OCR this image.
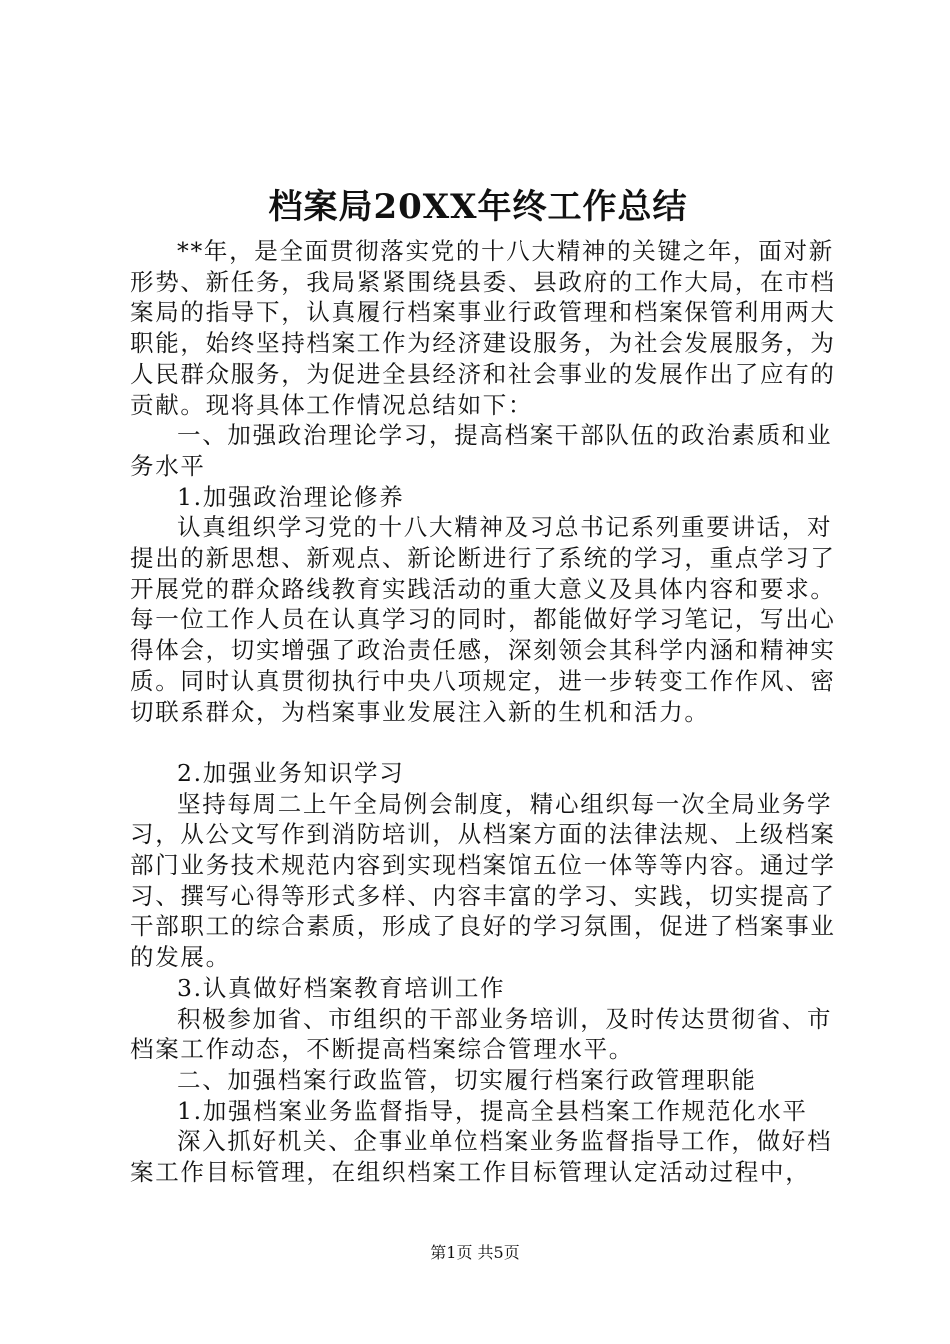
档案局20XX年终工作总结

**年，是全面贯彻落实党的十八大精神的关键之年，面对新形势、新任务，我局紧紧围绕县委、县政府的工作大局，在市档案局的指导下，认真履行档案事业行政管理和档案保管利用两大职能，始终坚持档案工作为经济建设服务，为社会发展服务，为人民群众服务，为促进全县经济和社会事业的发展作出了应有的贡献。现将具体工作情况总结如下：

一、加强政治理论学习，提高档案干部队伍的政治素质和业务水平

1.加强政治理论修养

认真组织学习党的十八大精神及习总书记系列重要讲话，对提出的新思想、新观点、新论断进行了系统的学习，重点学习了开展党的群众路线教育实践活动的重大意义及具体内容和要求。每一位工作人员在认真学习的同时，都能做好学习笔记，写出心得体会，切实增强了政治责任感，深刻领会其科学内涵和精神实质。同时认真贯彻执行中央八项规定，进一步转变工作作风、密切联系群众，为档案事业发展注入新的生机和活力。

2.加强业务知识学习

坚持每周二上午全局例会制度，精心组织每一次全局业务学习，从公文写作到消防培训，从档案方面的法律法规、上级档案部门业务技术规范内容到实现档案馆五位一体等等内容。通过学习、撰写心得等形式多样、内容丰富的学习、实践，切实提高了干部职工的综合素质，形成了良好的学习氛围，促进了档案事业的发展。

3.认真做好档案教育培训工作

积极参加省、市组织的干部业务培训，及时传达贯彻省、市档案工作动态，不断提高档案综合管理水平。

二、加强档案行政监管，切实履行档案行政管理职能

1.加强档案业务监督指导，提高全县档案工作规范化水平

深入抓好机关、企事业单位档案业务监督指导工作，做好档案工作目标管理，在组织档案工作目标管理认定活动过程中，

第1页 共5页
